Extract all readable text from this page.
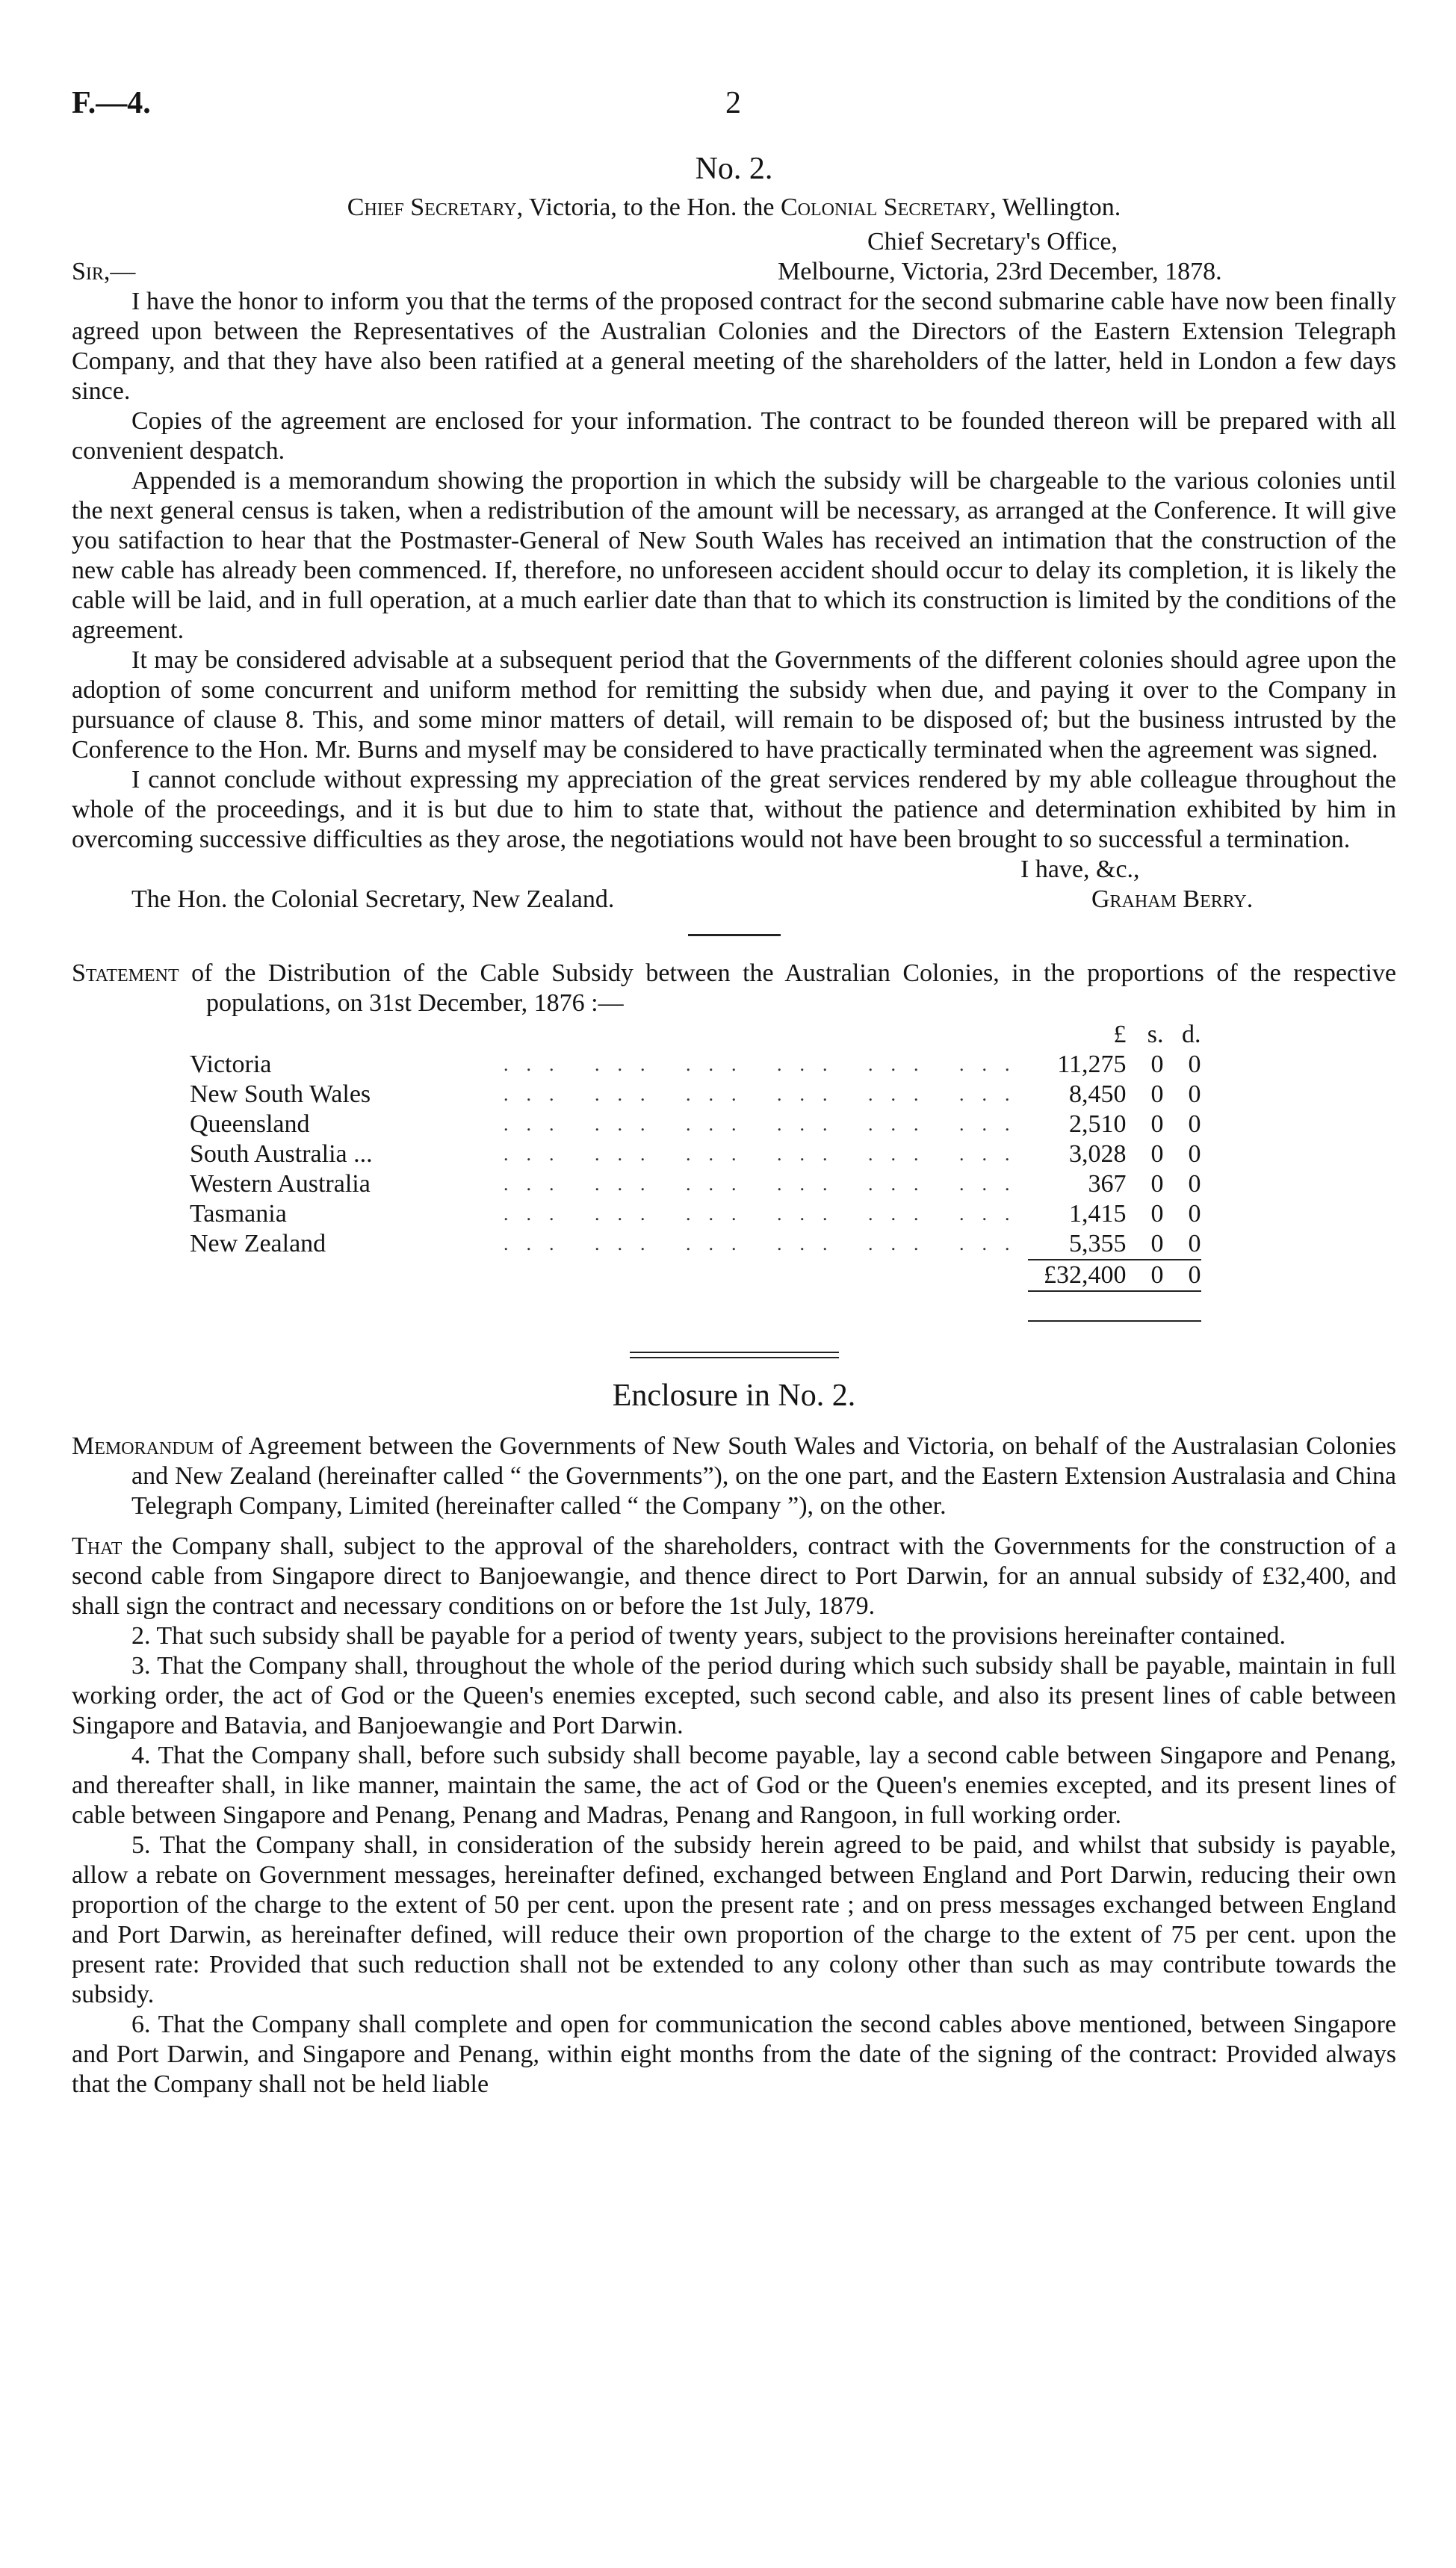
F.—4.	2
No. 2.
Chief Secretary, Victoria, to the Hon. the Colonial Secretary, Wellington.
Chief Secretary's Office,
Sir,—	Melbourne, Victoria, 23rd December, 1878.

I have the honor to inform you that the terms of the proposed contract for the second submarine cable have now been finally agreed upon between the Representatives of the Australian Colonies and the Directors of the Eastern Extension Telegraph Company, and that they have also been ratified at a general meeting of the shareholders of the latter, held in London a few days since.

Copies of the agreement are enclosed for your information. The contract to be founded thereon will be prepared with all convenient despatch.

Appended is a memorandum showing the proportion in which the subsidy will be chargeable to the various colonies until the next general census is taken, when a redistribution of the amount will be necessary, as arranged at the Conference. It will give you satifaction to hear that the Postmaster-General of New South Wales has received an intimation that the construction of the new cable has already been commenced. If, therefore, no unforeseen accident should occur to delay its completion, it is likely the cable will be laid, and in full operation, at a much earlier date than that to which its construction is limited by the conditions of the agreement.

It may be considered advisable at a subsequent period that the Governments of the different colonies should agree upon the adoption of some concurrent and uniform method for remitting the subsidy when due, and paying it over to the Company in pursuance of clause 8. This, and some minor matters of detail, will remain to be disposed of; but the business intrusted by the Conference to the Hon. Mr. Burns and myself may be considered to have practically terminated when the agreement was signed.

I cannot conclude without expressing my appreciation of the great services rendered by my able colleague throughout the whole of the proceedings, and it is but due to him to state that, without the patience and determination exhibited by him in overcoming successive difficulties as they arose, the negotiations would not have been brought to so successful a termination.

I have, &c.,
The Hon. the Colonial Secretary, New Zealand.	Graham Berry.

Statement of the Distribution of the Cable Subsidy between the Australian Colonies, in the proportions of the respective populations, on 31st December, 1876 :—

		£	s.	d.
Victoria	... ... ... ... ... ...	11,275	0	0
New South Wales	... ... ... ... ... ...	8,450	0	0
Queensland	... ... ... ... ... ...	2,510	0	0
South Australia ...	... ... ... ... ... ...	3,028	0	0
Western Australia	... ... ... ... ... ...	367	0	0
Tasmania	... ... ... ... ... ...	1,415	0	0
New Zealand	... ... ... ... ... ...	5,355	0	0
		£32,400	0	0

Enclosure in No. 2.

Memorandum of Agreement between the Governments of New South Wales and Victoria, on behalf of the Australasian Colonies and New Zealand (hereinafter called “ the Governments”), on the one part, and the Eastern Extension Australasia and China Telegraph Company, Limited (hereinafter called “ the Company ”), on the other.

That the Company shall, subject to the approval of the shareholders, contract with the Governments for the construction of a second cable from Singapore direct to Banjoewangie, and thence direct to Port Darwin, for an annual subsidy of £32,400, and shall sign the contract and necessary conditions on or before the 1st July, 1879.

2. That such subsidy shall be payable for a period of twenty years, subject to the provisions hereinafter contained.

3. That the Company shall, throughout the whole of the period during which such subsidy shall be payable, maintain in full working order, the act of God or the Queen's enemies excepted, such second cable, and also its present lines of cable between Singapore and Batavia, and Banjoewangie and Port Darwin.

4. That the Company shall, before such subsidy shall become payable, lay a second cable between Singapore and Penang, and thereafter shall, in like manner, maintain the same, the act of God or the Queen's enemies excepted, and its present lines of cable between Singapore and Penang, Penang and Madras, Penang and Rangoon, in full working order.

5. That the Company shall, in consideration of the subsidy herein agreed to be paid, and whilst that subsidy is payable, allow a rebate on Government messages, hereinafter defined, exchanged between England and Port Darwin, reducing their own proportion of the charge to the extent of 50 per cent. upon the present rate ; and on press messages exchanged between England and Port Darwin, as hereinafter defined, will reduce their own proportion of the charge to the extent of 75 per cent. upon the present rate: Provided that such reduction shall not be extended to any colony other than such as may contribute towards the subsidy.

6. That the Company shall complete and open for communication the second cables above mentioned, between Singapore and Port Darwin, and Singapore and Penang, within eight months from the date of the signing of the contract: Provided always that the Company shall not be held liable
